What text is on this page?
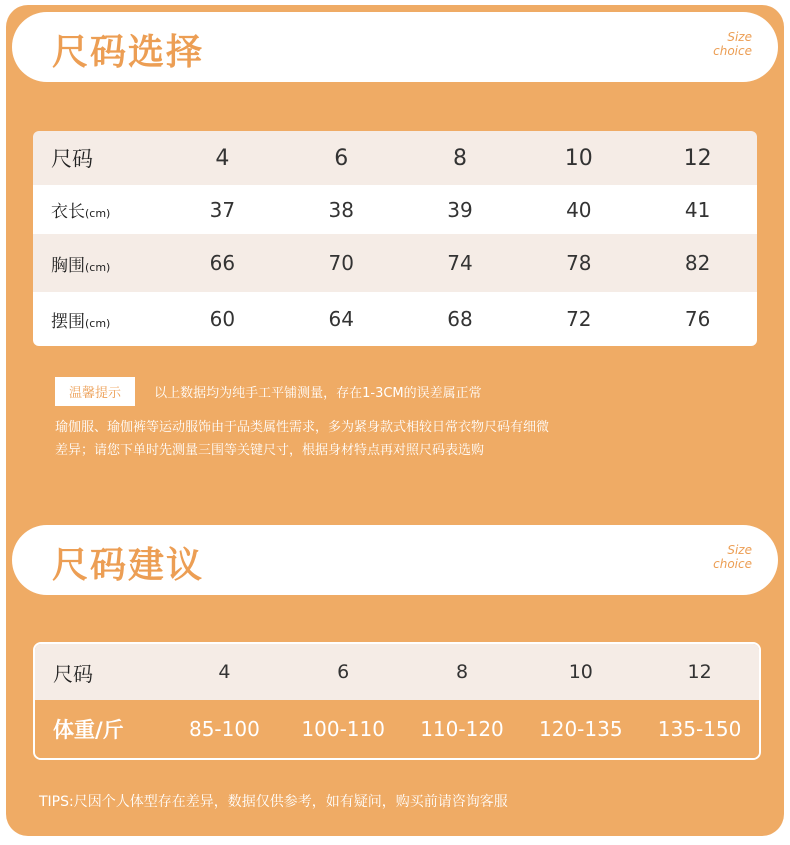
尺码选择	Size
choice
尺码	4	6	8	10	12
衣长(cm)	37	38	39	40	41
胸围(cm)	66	70	74	78	82
摆围(cm)	60	64	68	72	76
温馨提示	以上数据均为纯手工平铺测量，存在1-3CM的误差属正常
瑜伽服、瑜伽裤等运动服饰由于品类属性需求，多为紧身款式相较日常衣物尺码有细微
差异；请您下单时先测量三围等关键尺寸，根据身材特点再对照尺码表选购
尺码建议	Size
choice
尺码	4	6	8	10	12
体重/斤	85-100	100-110	110-120	120-135	135-150
TIPS:尺因个人体型存在差异，数据仅供参考，如有疑问，购买前请咨询客服
